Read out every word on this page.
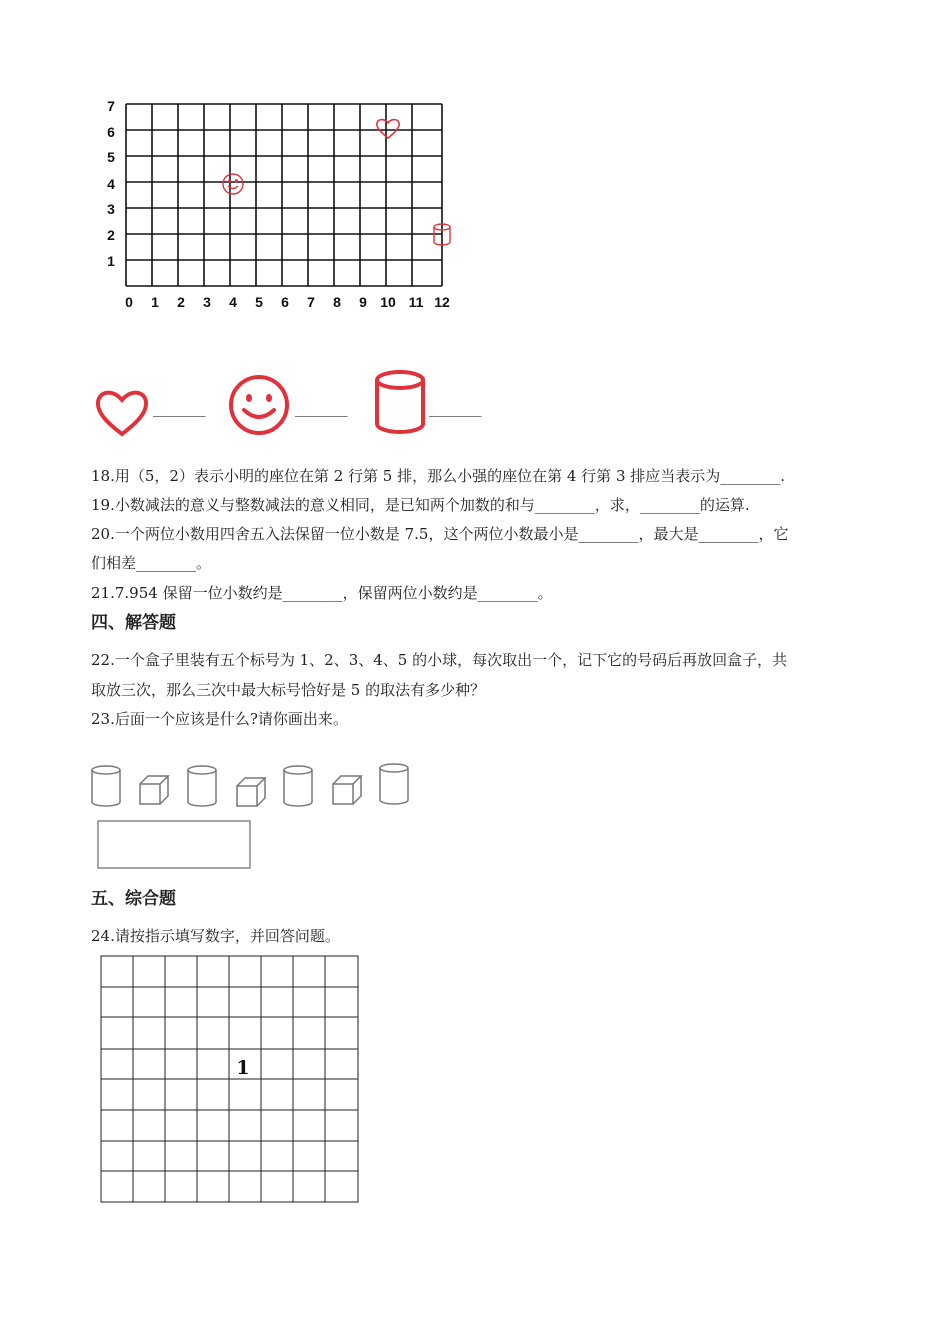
1
2
3
4
5
6
7
0 1 2 3 4 5 6 7 8 9 10 11 12
_______	_______	_______
18.用（5，2）表示小明的座位在第 2 行第 5 排，那么小强的座位在第 4 行第 3 排应当表示为________.
19.小数减法的意义与整数减法的意义相同，是已知两个加数的和与________，求，________的运算.
20.一个两位小数用四舍五入法保留一位小数是 7.5，这个两位小数最小是________，最大是________，它
们相差________。
21.7.954 保留一位小数约是________，保留两位小数约是________。
四、解答题
22.一个盒子里装有五个标号为 1、2、3、4、5 的小球，每次取出一个，记下它的号码后再放回盒子，共
取放三次，那么三次中最大标号恰好是 5 的取法有多少种？
23.后面一个应该是什么?请你画出来。
五、综合题
24.请按指示填写数字，并回答问题。
1
